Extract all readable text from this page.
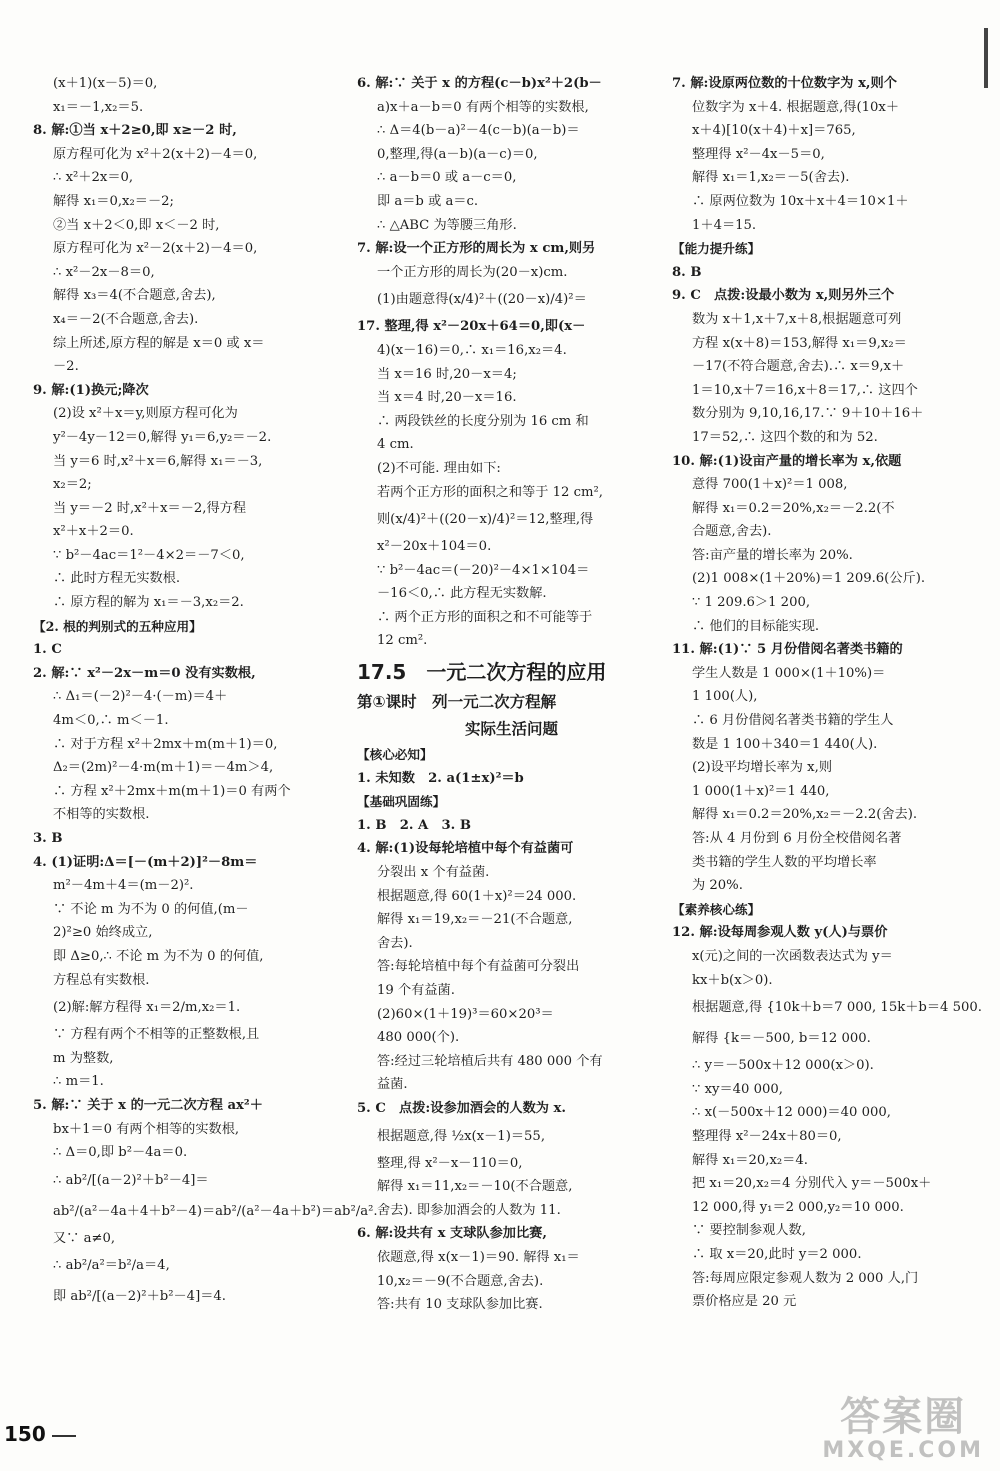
(x＋1)(x－5)＝0,
x₁＝－1,x₂＝5.
8. 解:①当 x＋2≥0,即 x≥－2 时,
原方程可化为 x²＋2(x＋2)－4＝0,
∴ x²＋2x＝0,
解得 x₁＝0,x₂＝－2;
②当 x＋2＜0,即 x＜－2 时,
原方程可化为 x²－2(x＋2)－4＝0,
∴ x²－2x－8＝0,
解得 x₃＝4(不合题意,舍去),
x₄＝－2(不合题意,舍去).
综上所述,原方程的解是 x＝0 或 x＝
－2.
9. 解:(1)换元;降次
(2)设 x²＋x＝y,则原方程可化为
y²－4y－12＝0,解得 y₁＝6,y₂＝－2.
当 y＝6 时,x²＋x＝6,解得 x₁＝－3,
x₂＝2;
当 y＝－2 时,x²＋x＝－2,得方程
x²＋x＋2＝0.
∵ b²－4ac＝1²－4×2＝－7＜0,
∴ 此时方程无实数根.
∴ 原方程的解为 x₁＝－3,x₂＝2.
【2. 根的判别式的五种应用】
1. C
2. 解:∵ x²－2x－m＝0 没有实数根,
∴ Δ₁＝(－2)²－4·(－m)＝4＋
4m＜0,∴ m＜－1.
∴ 对于方程 x²＋2mx＋m(m＋1)＝0,
Δ₂＝(2m)²－4·m(m＋1)＝－4m＞4,
∴ 方程 x²＋2mx＋m(m＋1)＝0 有两个
不相等的实数根.
3. B
4. (1)证明:Δ＝[－(m＋2)]²－8m＝
m²－4m＋4＝(m－2)².
∵ 不论 m 为不为 0 的何值,(m－
2)²≥0 始终成立,
即 Δ≥0,∴ 不论 m 为不为 0 的何值,
方程总有实数根.
(2)解:解方程得 x₁＝2/m,x₂＝1.
∵ 方程有两个不相等的正整数根,且
m 为整数,
∴ m＝1.
5. 解:∵ 关于 x 的一元二次方程 ax²＋
bx＋1＝0 有两个相等的实数根,
∴ Δ＝0,即 b²－4a＝0.
∴ ab²/[(a－2)²＋b²－4]＝
ab²/(a²－4a＋4＋b²－4)＝ab²/(a²－4a＋b²)＝ab²/a².
又∵ a≠0,
∴ ab²/a²＝b²/a＝4,
即 ab²/[(a－2)²＋b²－4]＝4.
6. 解:∵ 关于 x 的方程(c－b)x²＋2(b－
a)x＋a－b＝0 有两个相等的实数根,
∴ Δ＝4(b－a)²－4(c－b)(a－b)＝
0,整理,得(a－b)(a－c)＝0,
∴ a－b＝0 或 a－c＝0,
即 a＝b 或 a＝c.
∴ △ABC 为等腰三角形.
7. 解:设一个正方形的周长为 x cm,则另
一个正方形的周长为(20－x)cm.
(1)由题意得(x/4)²＋((20－x)/4)²＝
17. 整理,得 x²－20x＋64＝0,即(x－
4)(x－16)＝0,∴ x₁＝16,x₂＝4.
当 x＝16 时,20－x＝4;
当 x＝4 时,20－x＝16.
∴ 两段铁丝的长度分别为 16 cm 和
4 cm.
(2)不可能. 理由如下:
若两个正方形的面积之和等于 12 cm²,
则(x/4)²＋((20－x)/4)²＝12,整理,得
x²－20x＋104＝0.
∵ b²－4ac＝(－20)²－4×1×104＝
－16＜0,∴ 此方程无实数解.
∴ 两个正方形的面积之和不可能等于
12 cm².
17.5　一元二次方程的应用
第①课时　列一元二次方程解
实际生活问题
【核心必知】
1. 未知数　2. a(1±x)²＝b
【基础巩固练】
1. B　2. A　3. B
4. 解:(1)设每轮培植中每个有益菌可
分裂出 x 个有益菌.
根据题意,得 60(1＋x)²＝24 000.
解得 x₁＝19,x₂＝－21(不合题意,
舍去).
答:每轮培植中每个有益菌可分裂出
19 个有益菌.
(2)60×(1＋19)³＝60×20³＝
480 000(个).
答:经过三轮培植后共有 480 000 个有
益菌.
5. C　点拨:设参加酒会的人数为 x.
根据题意,得 ½x(x－1)＝55,
整理,得 x²－x－110＝0,
解得 x₁＝11,x₂＝－10(不合题意,
舍去). 即参加酒会的人数为 11.
6. 解:设共有 x 支球队参加比赛,
依题意,得 x(x－1)＝90. 解得 x₁＝
10,x₂＝－9(不合题意,舍去).
答:共有 10 支球队参加比赛.
7. 解:设原两位数的十位数字为 x,则个
位数字为 x＋4. 根据题意,得(10x＋
x＋4)[10(x＋4)＋x]＝765,
整理得 x²－4x－5＝0,
解得 x₁＝1,x₂＝－5(舍去).
∴ 原两位数为 10x＋x＋4＝10×1＋
1＋4＝15.
【能力提升练】
8. B
9. C　点拨:设最小数为 x,则另外三个
数为 x＋1,x＋7,x＋8,根据题意可列
方程 x(x＋8)＝153,解得 x₁＝9,x₂＝
－17(不符合题意,舍去).∴ x＝9,x＋
1＝10,x＋7＝16,x＋8＝17,∴ 这四个
数分别为 9,10,16,17.∵ 9＋10＋16＋
17＝52,∴ 这四个数的和为 52.
10. 解:(1)设亩产量的增长率为 x,依题
意得 700(1＋x)²＝1 008,
解得 x₁＝0.2＝20%,x₂＝－2.2(不
合题意,舍去).
答:亩产量的增长率为 20%.
(2)1 008×(1＋20%)＝1 209.6(公斤).
∵ 1 209.6＞1 200,
∴ 他们的目标能实现.
11. 解:(1)∵ 5 月份借阅名著类书籍的
学生人数是 1 000×(1＋10%)＝
1 100(人),
∴ 6 月份借阅名著类书籍的学生人
数是 1 100＋340＝1 440(人).
(2)设平均增长率为 x,则
1 000(1＋x)²＝1 440,
解得 x₁＝0.2＝20%,x₂＝－2.2(舍去).
答:从 4 月份到 6 月份全校借阅名著
类书籍的学生人数的平均增长率
为 20%.
【素养核心练】
12. 解:设每周参观人数 y(人)与票价
x(元)之间的一次函数表达式为 y＝
kx＋b(x＞0).
根据题意,得 {10k＋b＝7 000, 15k＋b＝4 500.
解得 {k＝－500, b＝12 000.
∴ y＝－500x＋12 000(x＞0).
∵ xy＝40 000,
∴ x(－500x＋12 000)＝40 000,
整理得 x²－24x＋80＝0,
解得 x₁＝20,x₂＝4.
把 x₁＝20,x₂＝4 分别代入 y＝－500x＋
12 000,得 y₁＝2 000,y₂＝10 000.
∵ 要控制参观人数,
∴ 取 x＝20,此时 y＝2 000.
答:每周应限定参观人数为 2 000 人,门
票价格应是 20 元
150	答案圈
MXQE.COM
